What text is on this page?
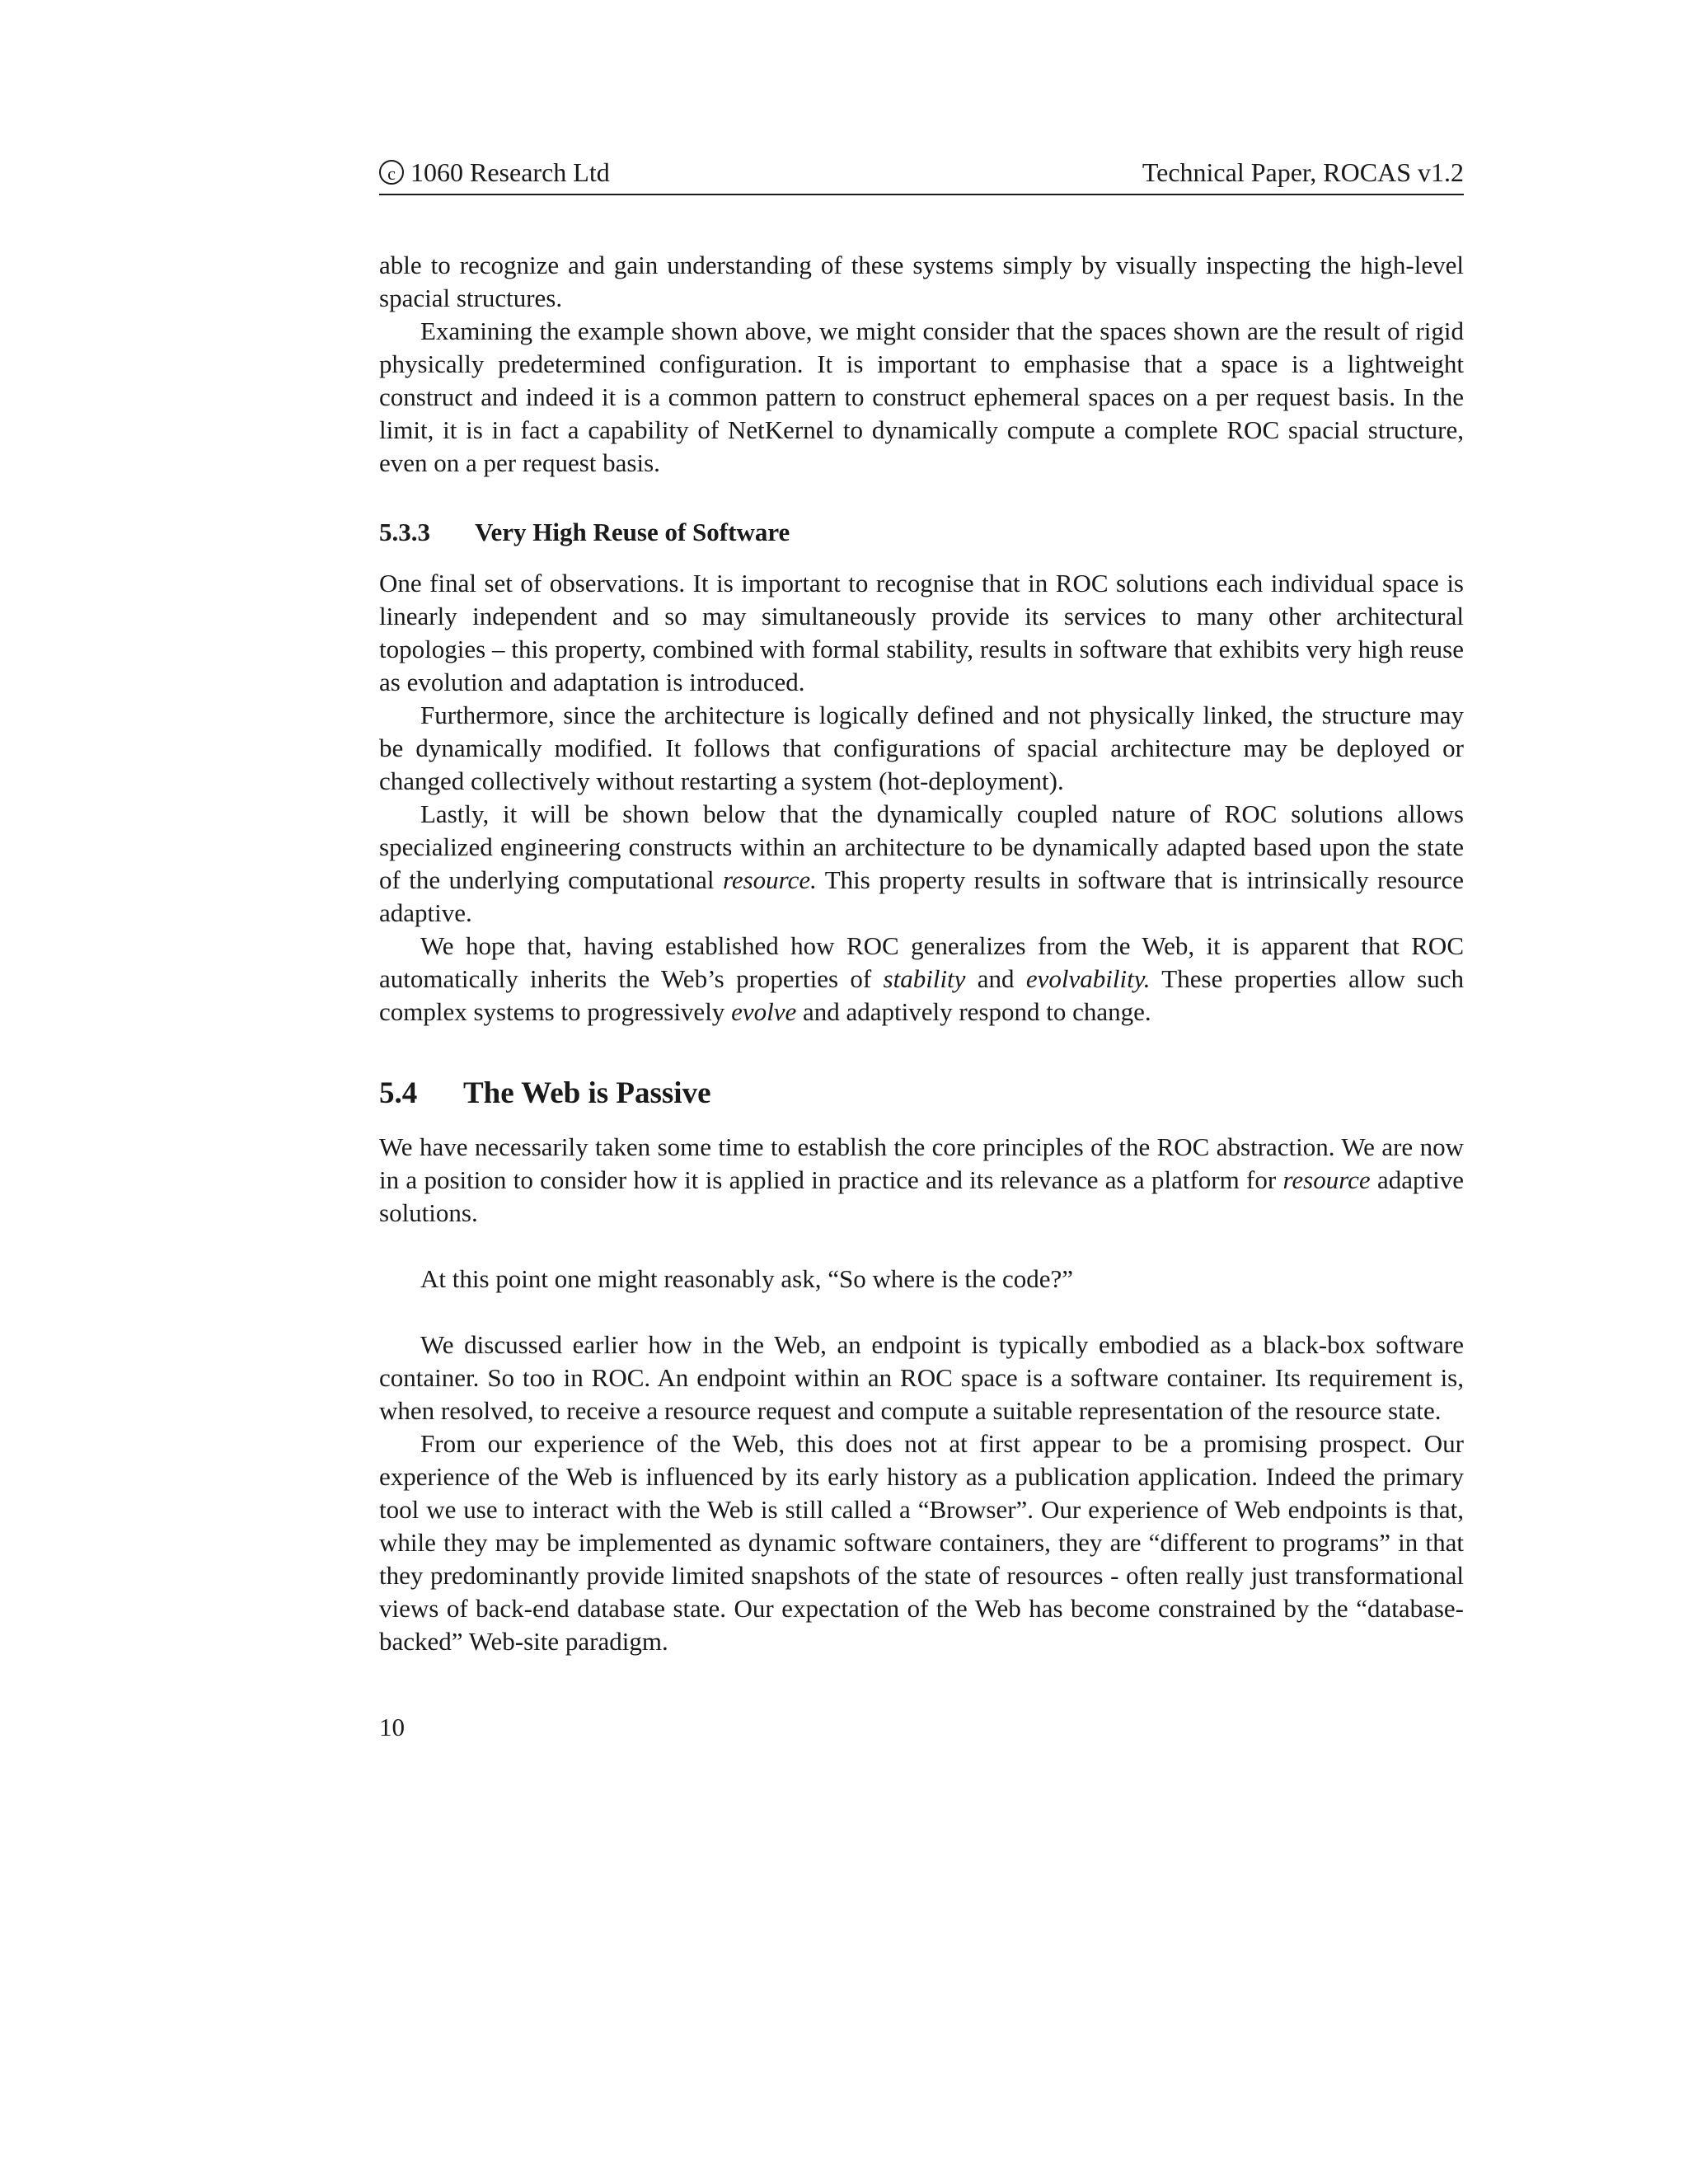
c 1060 Research Ltd	Technical Paper, ROCAS v1.2

able to recognize and gain understanding of these systems simply by visually inspecting the high-level spacial structures.

Examining the example shown above, we might consider that the spaces shown are the result of rigid physically predetermined configuration. It is important to emphasise that a space is a lightweight construct and indeed it is a common pattern to construct ephemeral spaces on a per request basis. In the limit, it is in fact a capability of NetKernel to dynamically compute a complete ROC spacial structure, even on a per request basis.

5.3.3 Very High Reuse of Software

One final set of observations. It is important to recognise that in ROC solutions each individual space is linearly independent and so may simultaneously provide its services to many other architectural topologies – this property, combined with formal stability, results in software that exhibits very high reuse as evolution and adaptation is introduced.

Furthermore, since the architecture is logically defined and not physically linked, the structure may be dynamically modified. It follows that configurations of spacial architecture may be deployed or changed collectively without restarting a system (hot-deployment).

Lastly, it will be shown below that the dynamically coupled nature of ROC solutions allows specialized engineering constructs within an architecture to be dynamically adapted based upon the state of the underlying computational resource. This property results in software that is intrinsically resource adaptive.

We hope that, having established how ROC generalizes from the Web, it is apparent that ROC automatically inherits the Web’s properties of stability and evolvability. These properties allow such complex systems to progressively evolve and adaptively respond to change.

5.4 The Web is Passive

We have necessarily taken some time to establish the core principles of the ROC abstraction. We are now in a position to consider how it is applied in practice and its relevance as a platform for resource adaptive solutions.

At this point one might reasonably ask, “So where is the code?”

We discussed earlier how in the Web, an endpoint is typically embodied as a black-box software container. So too in ROC. An endpoint within an ROC space is a software container. Its requirement is, when resolved, to receive a resource request and compute a suitable representation of the resource state.

From our experience of the Web, this does not at first appear to be a promising prospect. Our experience of the Web is influenced by its early history as a publication application. Indeed the primary tool we use to interact with the Web is still called a “Browser”. Our experience of Web endpoints is that, while they may be implemented as dynamic software containers, they are “different to programs” in that they predominantly provide limited snapshots of the state of resources - often really just transformational views of back-end database state. Our expectation of the Web has become constrained by the “database-backed” Web-site paradigm.

10
